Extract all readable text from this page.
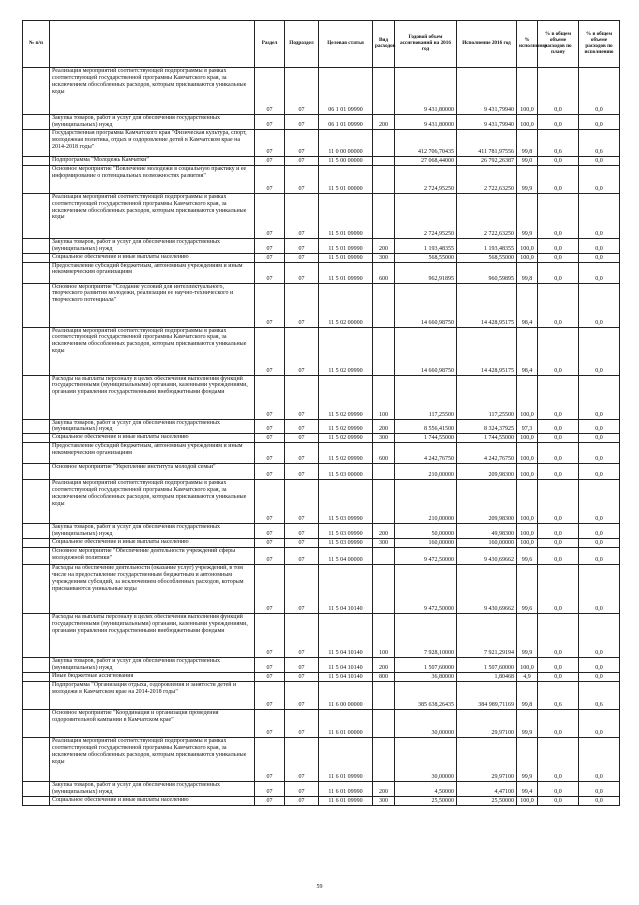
№ п/п		Раздел	Подраздел	Целевая статья	Вид расходов	Годовой объем ассигнований на 2016 год	Исполнение 2016 год	% исполнения	% в общем объеме расходов по плану	% в общем объеме расходов по исполнению
	Реализация мероприятий соответствующей подпрограммы в рамках соответствующей государственной программы Камчатского края, за исключением обособленных расходов, которым присваиваются уникальные коды	07	07	06 1 01 09990		9 431,80000	9 431,79940	100,0	0,0	0,0
	Закупка товаров, работ и услуг для обеспечения государственных (муниципальных) нужд	07	07	06 1 01 09990	200	9 431,80000	9 431,79940	100,0	0,0	0,0
	Государственная программа Камчатского края "Физическая культура, спорт, молодежная политика, отдых и оздоровление детей в Камчатском крае на 2014-2018 годы"	07	07	11 0 00 00000		412 706,70435	411 781,97556	99,8	0,6	0,6
	Подпрограмма "Молодежь Камчатки"	07	07	11 5 00 00000		27 068,44000	26 792,26387	99,0	0,0	0,0
	Основное мероприятие "Вовлечение молодежи в социальную практику и ее информирование о потенциальных возможностях развития"	07	07	11 5 01 00000		2 724,95250	2 722,63250	99,9	0,0	0,0
	Реализация мероприятий соответствующей подпрограммы в рамках соответствующей государственной программы Камчатского края, за исключением обособленных расходов, которым присваиваются уникальные коды	07	07	11 5 01 09990		2 724,95250	2 722,63250	99,9	0,0	0,0
	Закупка товаров, работ и услуг для обеспечения государственных (муниципальных) нужд	07	07	11 5 01 09990	200	1 193,48355	1 193,48355	100,0	0,0	0,0
	Социальное обеспечение и иные выплаты населению	07	07	11 5 01 09990	300	568,55000	568,55000	100,0	0,0	0,0
	Предоставление субсидий бюджетным, автономным учреждениям и иным некоммерческим организациям	07	07	11 5 01 09990	600	962,91895	960,59895	99,8	0,0	0,0
	Основное мероприятие "Создание условий для интеллектуального, творческого развития молодежи, реализации ее научно-технического и творческого потенциала"	07	07	11 5 02 00000		14 660,98750	14 428,95175	98,4	0,0	0,0
	Реализация мероприятий соответствующей подпрограммы в рамках соответствующей государственной программы Камчатского края, за исключением обособленных расходов, которым присваиваются уникальные коды	07	07	11 5 02 09990		14 660,98750	14 428,95175	98,4	0,0	0,0
	Расходы на выплаты персоналу в целях обеспечения выполнения функций государственными (муниципальными) органами, казенными учреждениями, органами управления государственными внебюджетными фондами	07	07	11 5 02 09990	100	117,25500	117,25500	100,0	0,0	0,0
	Закупка товаров, работ и услуг для обеспечения государственных (муниципальных) нужд	07	07	11 5 02 09990	200	8 556,41500	8 324,37925	97,3	0,0	0,0
	Социальное обеспечение и иные выплаты населению	07	07	11 5 02 09990	300	1 744,55000	1 744,55000	100,0	0,0	0,0
	Предоставление субсидий бюджетным, автономным учреждениям и иным некоммерческим организациям	07	07	11 5 02 09990	600	4 242,76750	4 242,76750	100,0	0,0	0,0
	Основное мероприятие "Укрепление института молодой семьи"	07	07	11 5 03 00000		210,00000	209,98300	100,0	0,0	0,0
	Реализация мероприятий соответствующей подпрограммы в рамках соответствующей государственной программы Камчатского края, за исключением обособленных расходов, которым присваиваются уникальные коды	07	07	11 5 03 09990		210,00000	209,98300	100,0	0,0	0,0
	Закупка товаров, работ и услуг для обеспечения государственных (муниципальных) нужд	07	07	11 5 03 09990	200	50,00000	49,98300	100,0	0,0	0,0
	Социальное обеспечение и иные выплаты населению	07	07	11 5 03 09990	300	160,00000	160,00000	100,0	0,0	0,0
	Основное мероприятие "Обеспечение деятельности учреждений сферы молодежной политики"	07	07	11 5 04 00000		9 472,50000	9 430,69662	99,6	0,0	0,0
	Расходы на обеспечение деятельности (оказание услуг) учреждений, в том числе на предоставление государственным бюджетным и автономным учреждениям субсидий, за исключением обособленных расходов, которым присваиваются уникальные коды	07	07	11 5 04 10140		9 472,50000	9 430,69662	99,6	0,0	0,0
	Расходы на выплаты персоналу в целях обеспечения выполнения функций государственными (муниципальными) органами, казенными учреждениями, органами управления государственными внебюджетными фондами	07	07	11 5 04 10140	100	7 928,10000	7 921,29194	99,9	0,0	0,0
	Закупка товаров, работ и услуг для обеспечения государственных (муниципальных) нужд	07	07	11 5 04 10140	200	1 507,60000	1 507,60000	100,0	0,0	0,0
	Иные бюджетные ассигнования	07	07	11 5 04 10140	800	36,80000	1,80468	4,9	0,0	0,0
	Подпрограмма "Организация отдыха, оздоровления и занятости детей и молодежи в Камчатском крае на 2014-2018 годы"	07	07	11 6 00 00000		385 638,26435	384 989,71169	99,8	0,6	0,6
	Основное мероприятие "Координация и организация проведения оздоровительной кампании в Камчатском крае"	07	07	11 6 01 00000		30,00000	29,97100	99,9	0,0	0,0
	Реализация мероприятий соответствующей подпрограммы в рамках соответствующей государственной программы Камчатского края, за исключением обособленных расходов, которым присваиваются уникальные коды	07	07	11 6 01 09990		30,00000	29,97100	99,9	0,0	0,0
	Закупка товаров, работ и услуг для обеспечения государственных (муниципальных) нужд	07	07	11 6 01 09990	200	4,50000	4,47100	99,4	0,0	0,0
	Социальное обеспечение и иные выплаты населению	07	07	11 6 01 09990	300	25,50000	25,50000	100,0	0,0	0,0
59
